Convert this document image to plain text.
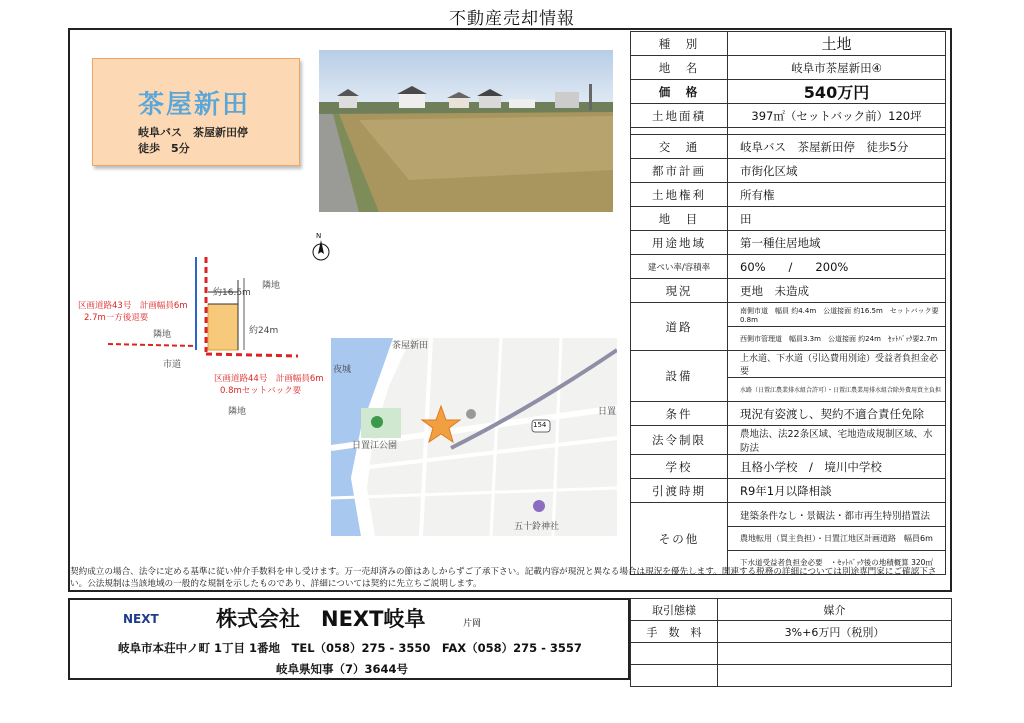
不動産売却情報
茶屋新田
岐阜バス　茶屋新田停
徒歩　5分
N
区画道路43号　計画幅員6m
2.7m一方後退要
区画道路44号　計画幅員6m
0.8mセットバック要
約16.5m
約24m
隣地
隣地
隣地
市道
茶屋新田
日置江公園
五十鈴神社
154
日置
夜城
種　別	土地
地　名	岐阜市茶屋新田④
価　格	540万円
土地面積	397㎡（セットバック前）120坪

交　通	岐阜バス　茶屋新田停　徒歩5分
都市計画	市街化区域
土地権利	所有権
地　目	田
用途地域	第一種住居地域
建ぺい率/容積率	60%　　/　　200%
現況	更地　未造成
道路	南側市道　幅員 約4.4m　公道接面 約16.5m　セットバック要0.8m
	西側市管理道　幅員3.3m　公道接面 約24m　ｾｯﾄﾊﾞｯｸ要2.7m
設備	上水道、下水道（引込費用別途）受益者負担金必要
	水路（日置江農業排水組合許可）・日置江農業用排水組合除外費用買主負担
条件	現況有姿渡し、契約不適合責任免除
法令制限	農地法、法22条区域、宅地造成規制区域、水防法
学校	且格小学校　/　境川中学校
引渡時期	R9年1月以降相談
その他	建築条件なし・景観法・都市再生特別措置法
	農地転用（買主負担）・日置江地区計画道路　幅員6m
	下水道受益者負担金必要　・ｾｯﾄﾊﾞｯｸ後の地積概算 320㎡
契約成立の場合、法令に定める基準に従い仲介手数料を申し受けます。万一売却済みの節はあしからずご了承下さい。記載内容が現況と異なる場合は現況を優先します。関連する税務の詳細については別途専門家にご確認下さい。公法規制は当該地域の一般的な規制を示したものであり、詳細については契約に先立ちご説明します。
NEXT	株式会社　NEXT岐阜	片岡
岐阜市本荘中ノ町 1丁目 1番地　TEL（058）275 - 3550　FAX（058）275 - 3557
岐阜県知事（7）3644号
取引態様	媒介
手　数　料	3%+6万円（税別）
